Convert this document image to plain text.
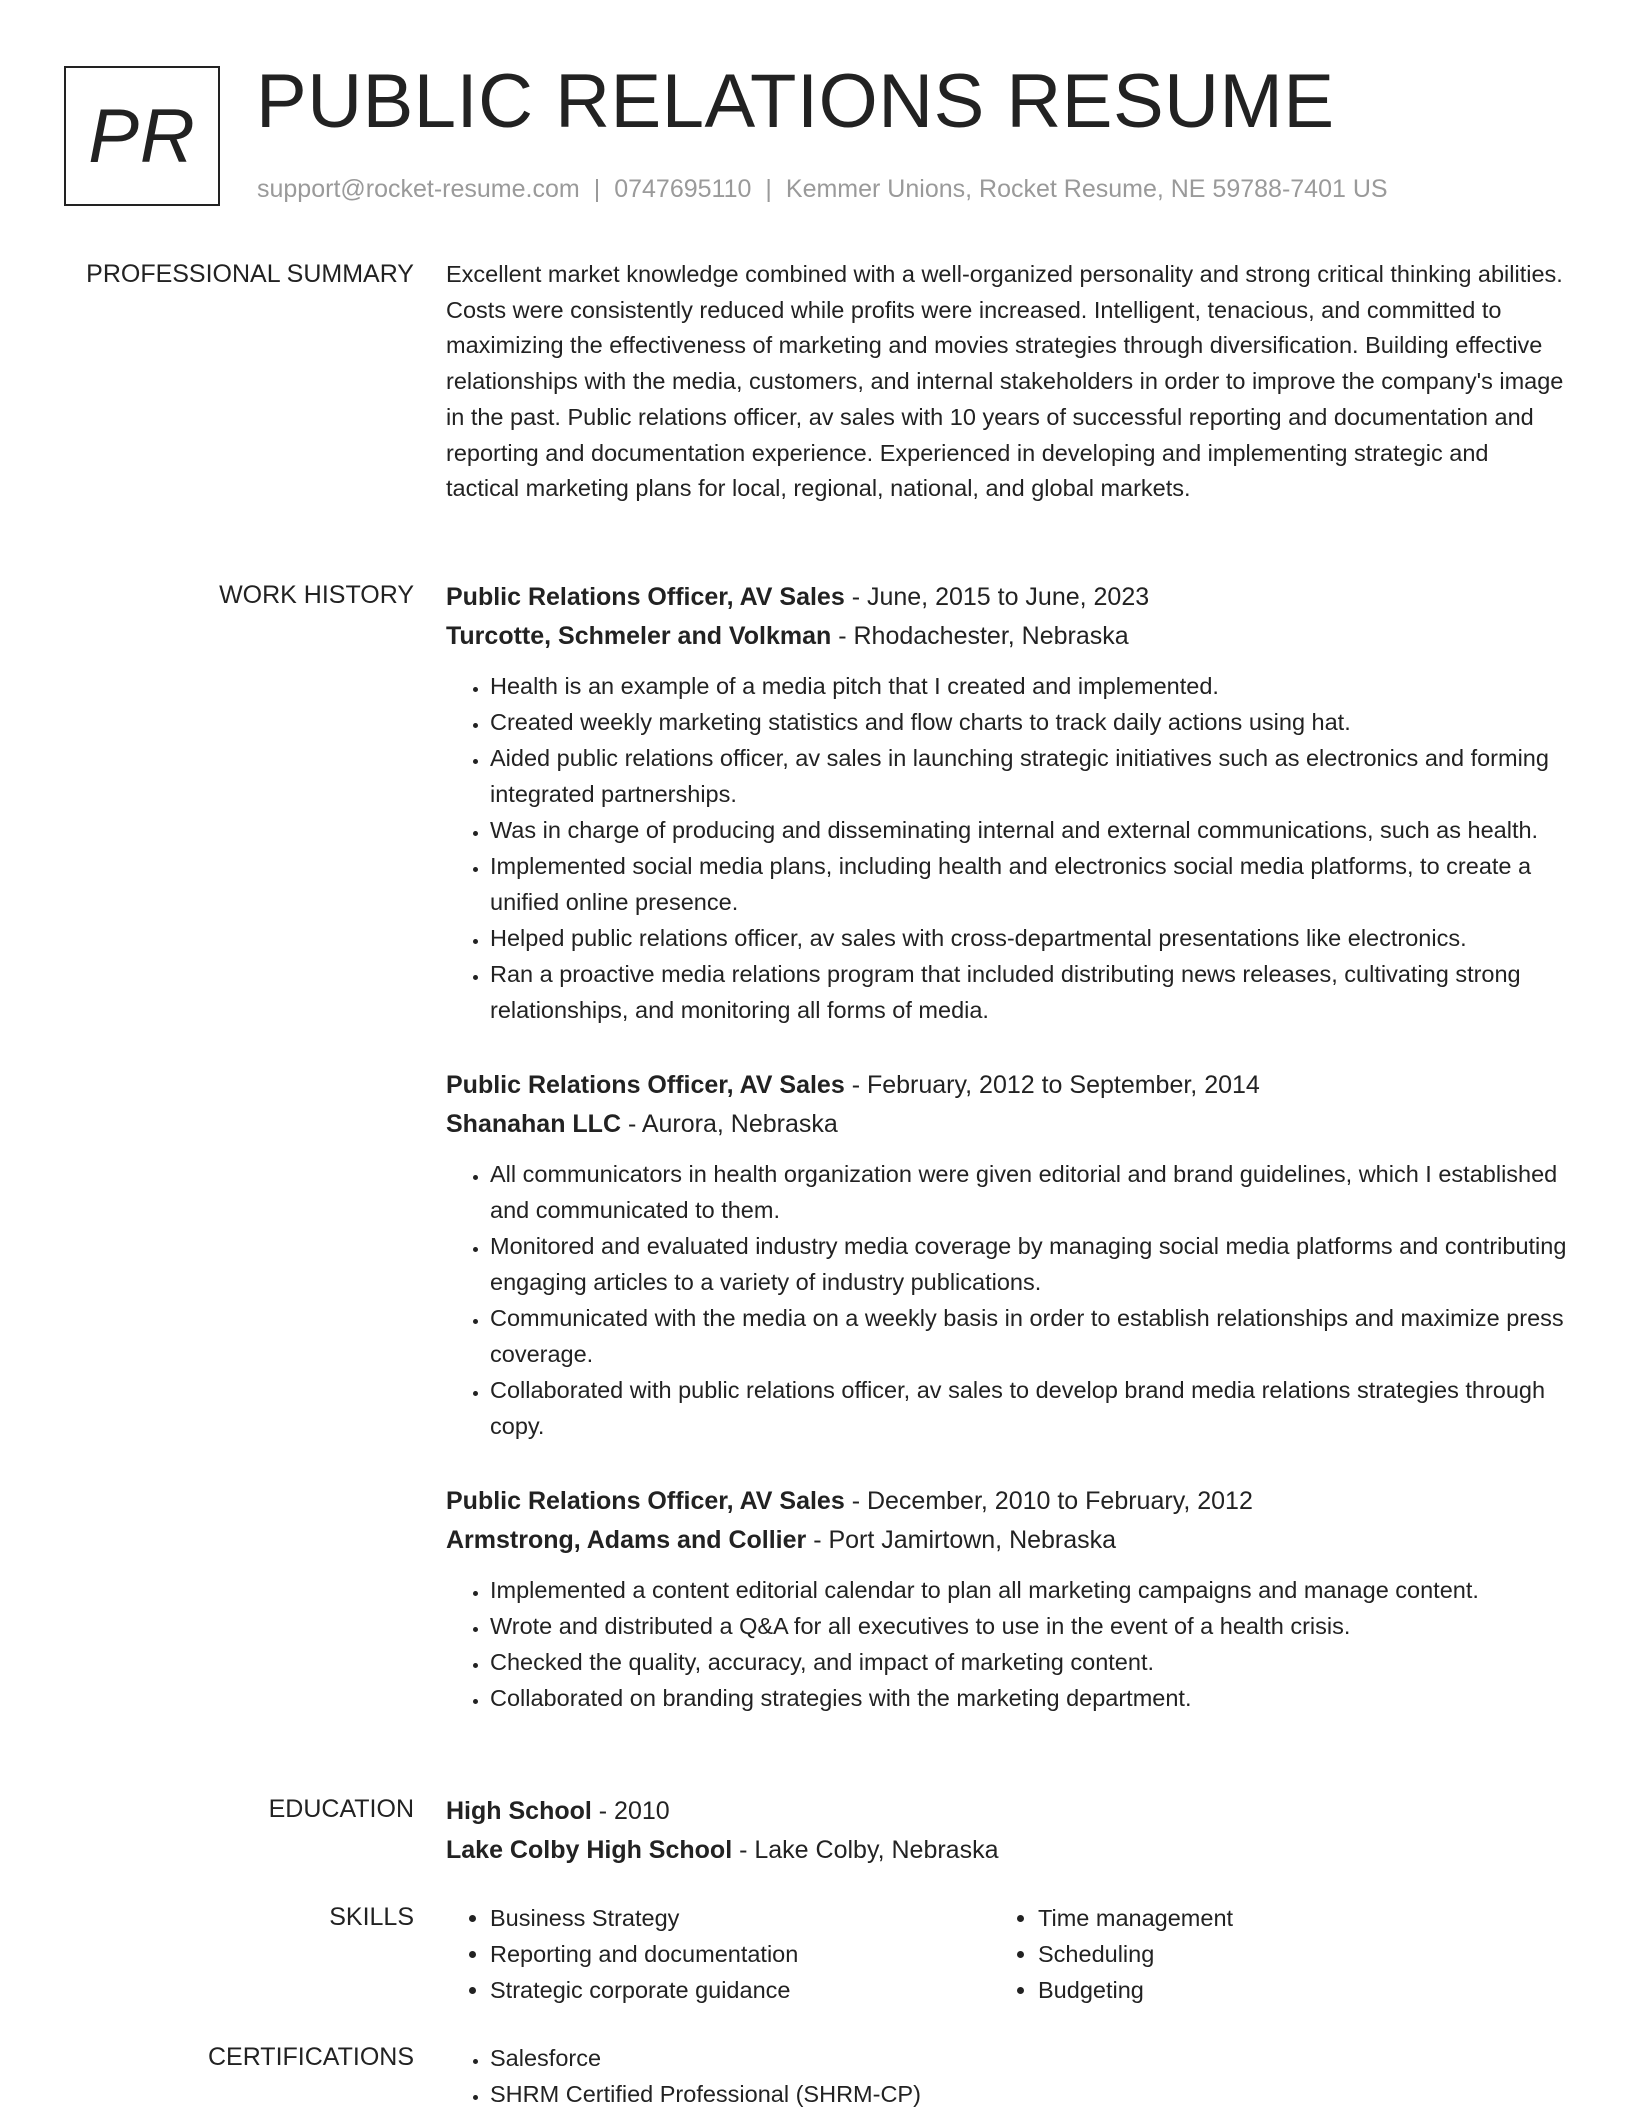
PR PUBLIC RELATIONS RESUME
support@rocket-resume.com | 0747695110 | Kemmer Unions, Rocket Resume, NE 59788-7401 US
PROFESSIONAL SUMMARY Excellent market knowledge combined with a well-organized personality and strong critical thinking abilities. Costs were consistently reduced while profits were increased. Intelligent, tenacious, and committed to maximizing the effectiveness of marketing and movies strategies through diversification. Building effective relationships with the media, customers, and internal stakeholders in order to improve the company's image in the past. Public relations officer, av sales with 10 years of successful reporting and documentation and reporting and documentation experience. Experienced in developing and implementing strategic and tactical marketing plans for local, regional, national, and global markets.

WORK HISTORY Public Relations Officer, AV Sales - June, 2015 to June, 2023
Turcotte, Schmeler and Volkman - Rhodachester, Nebraska
• Health is an example of a media pitch that I created and implemented.
• Created weekly marketing statistics and flow charts to track daily actions using hat.
• Aided public relations officer, av sales in launching strategic initiatives such as electronics and forming integrated partnerships.
• Was in charge of producing and disseminating internal and external communications, such as health.
• Implemented social media plans, including health and electronics social media platforms, to create a unified online presence.
• Helped public relations officer, av sales with cross-departmental presentations like electronics.
• Ran a proactive media relations program that included distributing news releases, cultivating strong relationships, and monitoring all forms of media.
Public Relations Officer, AV Sales - February, 2012 to September, 2014
Shanahan LLC - Aurora, Nebraska
• All communicators in health organization were given editorial and brand guidelines, which I established and communicated to them.
• Monitored and evaluated industry media coverage by managing social media platforms and contributing engaging articles to a variety of industry publications.
• Communicated with the media on a weekly basis in order to establish relationships and maximize press coverage.
• Collaborated with public relations officer, av sales to develop brand media relations strategies through copy.
Public Relations Officer, AV Sales - December, 2010 to February, 2012
Armstrong, Adams and Collier - Port Jamirtown, Nebraska
• Implemented a content editorial calendar to plan all marketing campaigns and manage content.
• Wrote and distributed a Q&A for all executives to use in the event of a health crisis.
• Checked the quality, accuracy, and impact of marketing content.
• Collaborated on branding strategies with the marketing department.
EDUCATION High School - 2010
Lake Colby High School - Lake Colby, Nebraska
SKILLS	• Business Strategy
• Reporting and documentation
• Strategic corporate guidance
• Time management
• Scheduling
• Budgeting
CERTIFICATIONS	• Salesforce
• SHRM Certified Professional (SHRM-CP)
